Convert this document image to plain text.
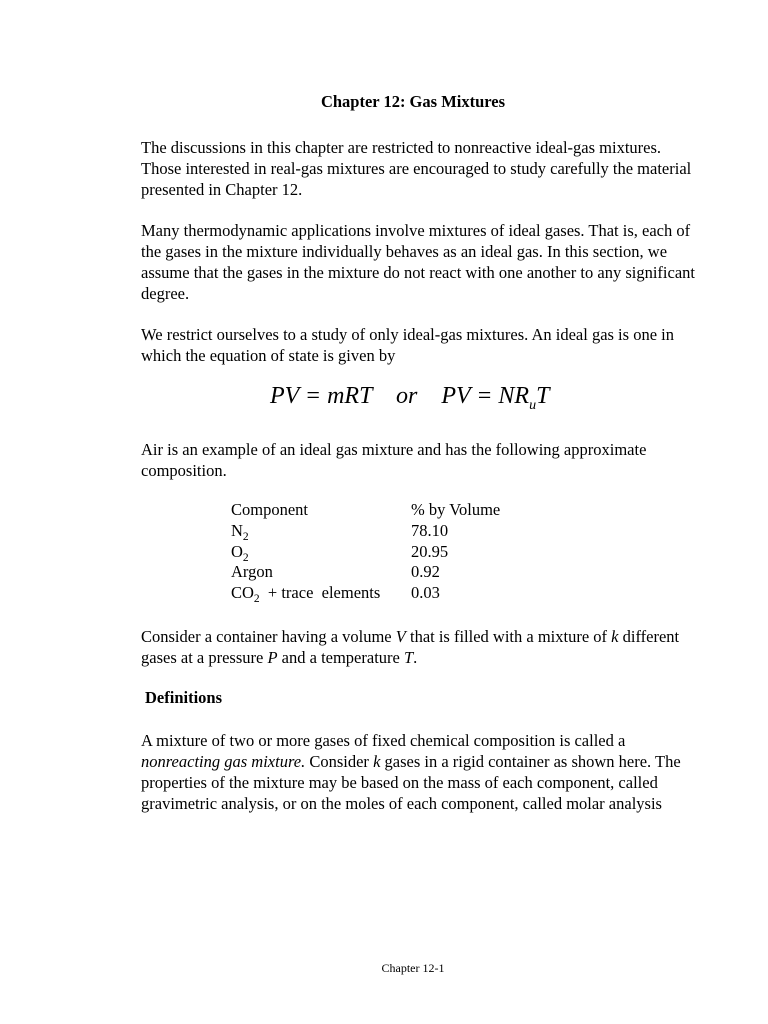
Chapter 12: Gas Mixtures

The discussions in this chapter are restricted to nonreactive ideal-gas mixtures. Those interested in real-gas mixtures are encouraged to study carefully the material presented in Chapter 12.

Many thermodynamic applications involve mixtures of ideal gases. That is, each of the gases in the mixture individually behaves as an ideal gas. In this section, we assume that the gases in the mixture do not react with one another to any significant degree.

We restrict ourselves to a study of only ideal-gas mixtures. An ideal gas is one in which the equation of state is given by

PV = mRT or PV = $NR_uT$

Air is an example of an ideal gas mixture and has the following approximate composition.

Component	% by Volume
$N_2$	78.10
$O_2$	20.95
Argon	0.92
$CO_2$  + trace  elements	0.03

Consider a container having a volume V that is filled with a mixture of k different gases at a pressure P and a temperature T.

Definitions

A mixture of two or more gases of fixed chemical composition is called a nonreacting gas mixture. Consider k gases in a rigid container as shown here. The properties of the mixture may be based on the mass of each component, called gravimetric analysis, or on the moles of each component, called molar analysis

Chapter 12-1
